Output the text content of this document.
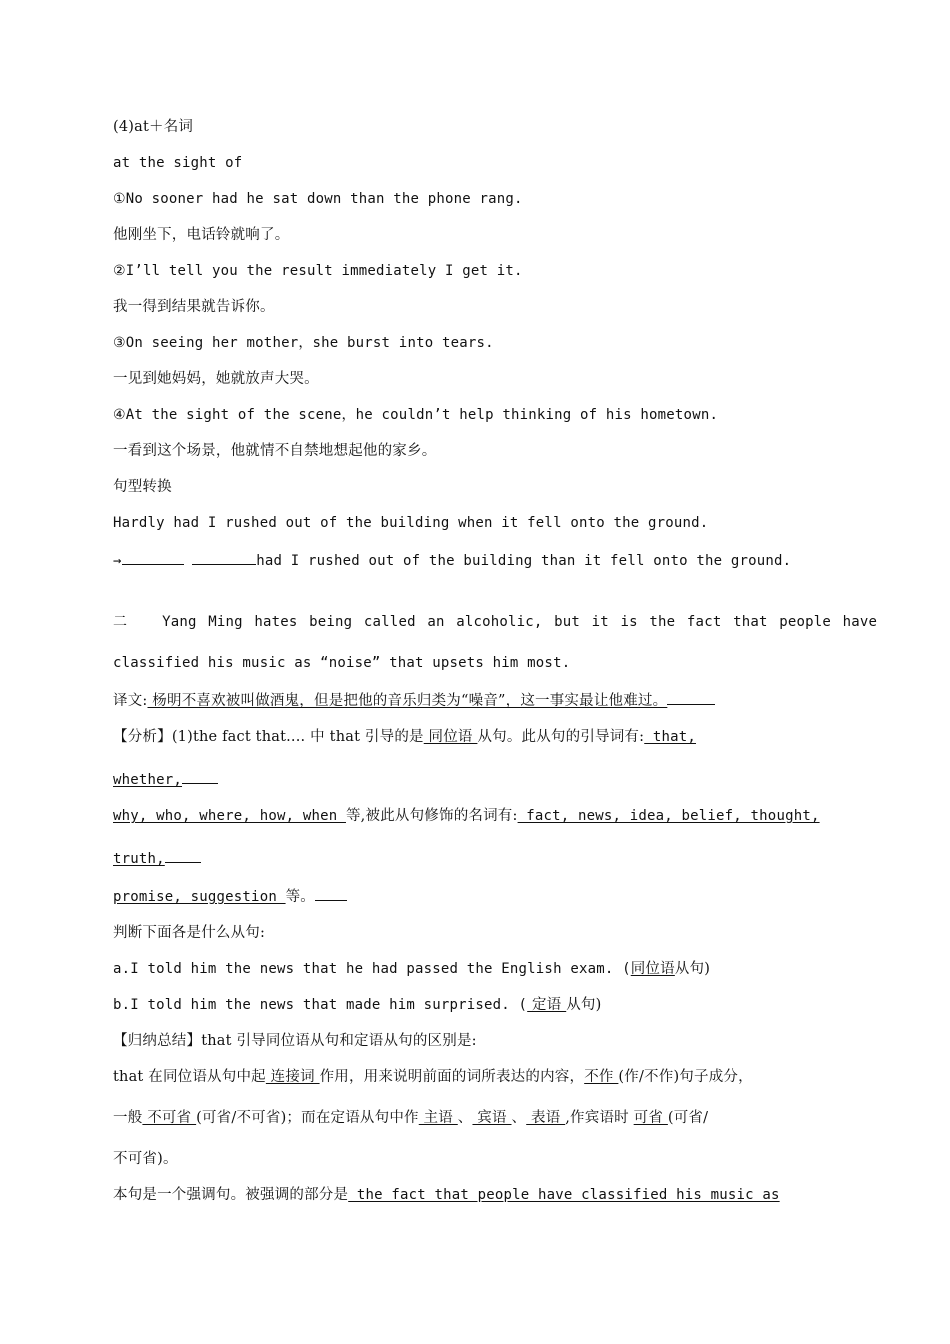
(4)at＋名词
at the sight of
①No sooner had he sat down than the phone rang.
他刚坐下，电话铃就响了。
②I’ll tell you the result immediately I get it.
我一得到结果就告诉你。
③On seeing her mother，she burst into tears.
一见到她妈妈，她就放声大哭。
④At the sight of the scene，he couldn’t help thinking of his hometown.
一看到这个场景，他就情不自禁地想起他的家乡。
句型转换
Hardly had I rushed out of the building when it fell onto the ground.
→	had I rushed out of the building than it fell onto the ground.
二 Yang Ming hates being called an alcoholic, but it is the fact that people have
classified his music as “noise” that upsets him most.
译文: 杨明不喜欢被叫做酒鬼，但是把他的音乐归类为“噪音”，这一事实最让他难过。
【分析】(1)the fact that.... 中 that 引导的是 同位语 从句。此从句的引导词有: that,
whether,
why, who, where, how, when 等,被此从句修饰的名词有: fact, news, idea, belief, thought,
truth,
promise, suggestion 等。
判断下面各是什么从句:
a.I told him the news that he had passed the English exam. (同位语从句)
b.I told him the news that made him surprised. ( 定语 从句)
【归纳总结】that 引导同位语从句和定语从句的区别是:
that 在同位语从句中起 连接词 作用，用来说明前面的词所表达的内容，不作 (作/不作)句子成分，
一般 不可省 (可省/不可省)；而在定语从句中作 主语 、 宾语 、 表语 ,作宾语时 可省 (可省/
不可省)。
本句是一个强调句。被强调的部分是 the fact that people have classified his music as
